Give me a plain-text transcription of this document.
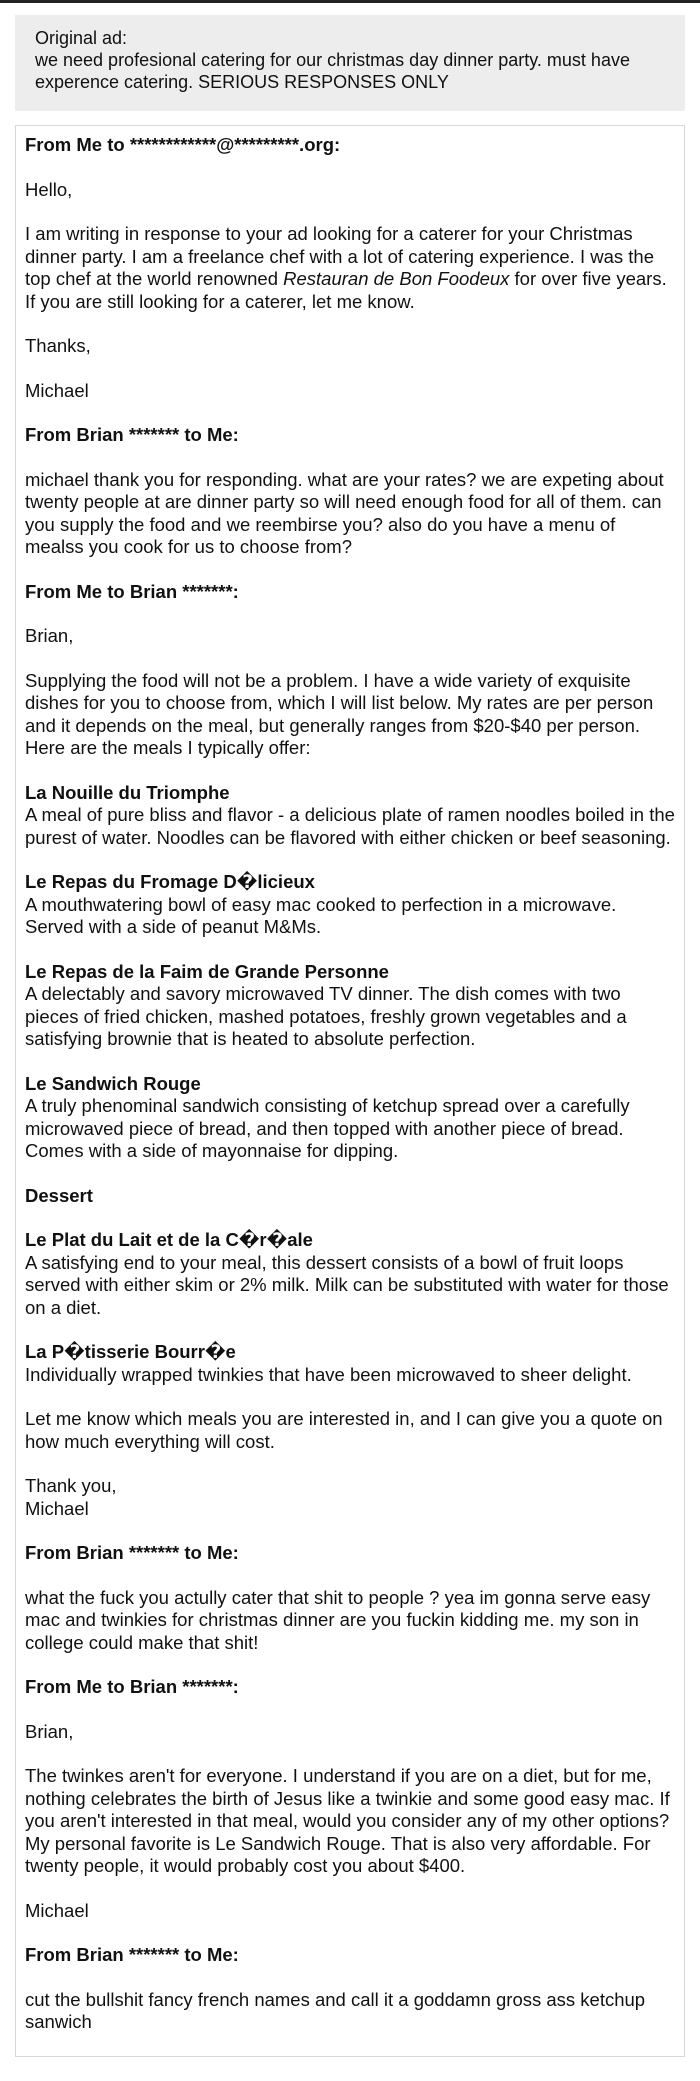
Original ad:
we need profesional catering for our christmas day dinner party. must have experence catering. SERIOUS RESPONSES ONLY
From Me to ************@*********.org:

Hello,

I am writing in response to your ad looking for a caterer for your Christmas dinner party. I am a freelance chef with a lot of catering experience. I was the top chef at the world renowned Restauran de Bon Foodeux for over five years. If you are still looking for a caterer, let me know.

Thanks,

Michael

From Brian ******* to Me:

michael thank you for responding. what are your rates? we are expeting about twenty people at are dinner party so will need enough food for all of them. can you supply the food and we reembirse you? also do you have a menu of mealss you cook for us to choose from?

From Me to Brian *******:

Brian,

Supplying the food will not be a problem. I have a wide variety of exquisite dishes for you to choose from, which I will list below. My rates are per person and it depends on the meal, but generally ranges from $20-$40 per person. Here are the meals I typically offer:

La Nouille du Triomphe
A meal of pure bliss and flavor - a delicious plate of ramen noodles boiled in the purest of water. Noodles can be flavored with either chicken or beef seasoning.
Le Repas du Fromage D�licieux
A mouthwatering bowl of easy mac cooked to perfection in a microwave. Served with a side of peanut M&Ms.
Le Repas de la Faim de Grande Personne
A delectably and savory microwaved TV dinner. The dish comes with two pieces of fried chicken, mashed potatoes, freshly grown vegetables and a satisfying brownie that is heated to absolute perfection.
Le Sandwich Rouge
A truly phenominal sandwich consisting of ketchup spread over a carefully microwaved piece of bread, and then topped with another piece of bread. Comes with a side of mayonnaise for dipping.
Dessert
Le Plat du Lait et de la C�r�ale
A satisfying end to your meal, this dessert consists of a bowl of fruit loops served with either skim or 2% milk. Milk can be substituted with water for those on a diet.
La P�tisserie Bourr�e
Individually wrapped twinkies that have been microwaved to sheer delight.

Let me know which meals you are interested in, and I can give you a quote on how much everything will cost.

Thank you,
Michael

From Brian ******* to Me:

what the fuck you actully cater that shit to people ? yea im gonna serve easy mac and twinkies for christmas dinner are you fuckin kidding me. my son in college could make that shit!

From Me to Brian *******:

Brian,

The twinkes aren't for everyone. I understand if you are on a diet, but for me, nothing celebrates the birth of Jesus like a twinkie and some good easy mac. If you aren't interested in that meal, would you consider any of my other options? My personal favorite is Le Sandwich Rouge. That is also very affordable. For twenty people, it would probably cost you about $400.

Michael

From Brian ******* to Me:

cut the bullshit fancy french names and call it a goddamn gross ass ketchup sanwich
